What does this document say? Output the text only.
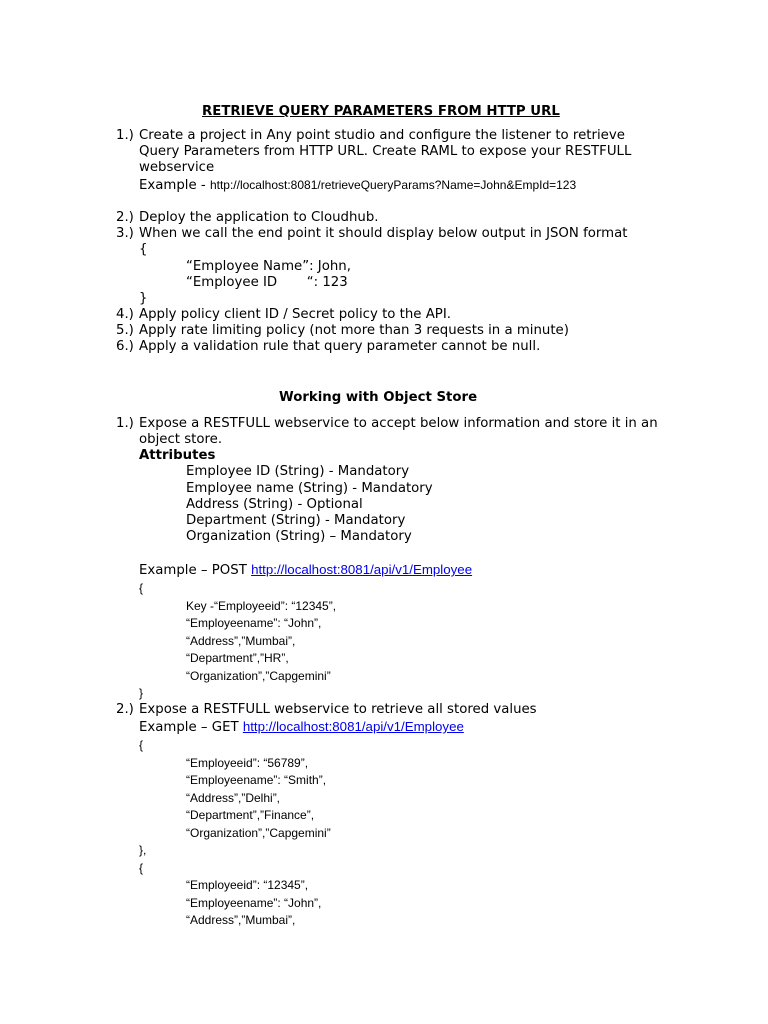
RETRIEVE QUERY PARAMETERS FROM HTTP URL
1.) Create a project in Any point studio and configure the listener to retrieve
Query Parameters from HTTP URL. Create RAML to expose your RESTFULL
webservice
Example - http://localhost:8081/retrieveQueryParams?Name=John&EmpId=123
2.) Deploy the application to Cloudhub.
3.) When we call the end point it should display below output in JSON format
{
“Employee Name”: John,
“Employee ID       “: 123
}
4.) Apply policy client ID / Secret policy to the API.
5.) Apply rate limiting policy (not more than 3 requests in a minute)
6.) Apply a validation rule that query parameter cannot be null.
Working with Object Store
1.) Expose a RESTFULL webservice to accept below information and store it in an
object store.
Attributes
Employee ID (String) - Mandatory
Employee name (String) - Mandatory
Address (String) - Optional
Department (String) - Mandatory
Organization (String) – Mandatory
Example – POST http://localhost:8081/api/v1/Employee
{
Key -“Employeeid”: “12345”,
“Employeename”: “John”,
“Address”,”Mumbai”,
“Department”,”HR”,
“Organization”,”Capgemini”
}
2.) Expose a RESTFULL webservice to retrieve all stored values
Example – GET http://localhost:8081/api/v1/Employee
{
“Employeeid”: “56789”,
“Employeename”: “Smith”,
“Address”,”Delhi”,
“Department”,”Finance”,
“Organization”,”Capgemini”
},
{
“Employeeid”: “12345”,
“Employeename”: “John”,
“Address”,”Mumbai”,
